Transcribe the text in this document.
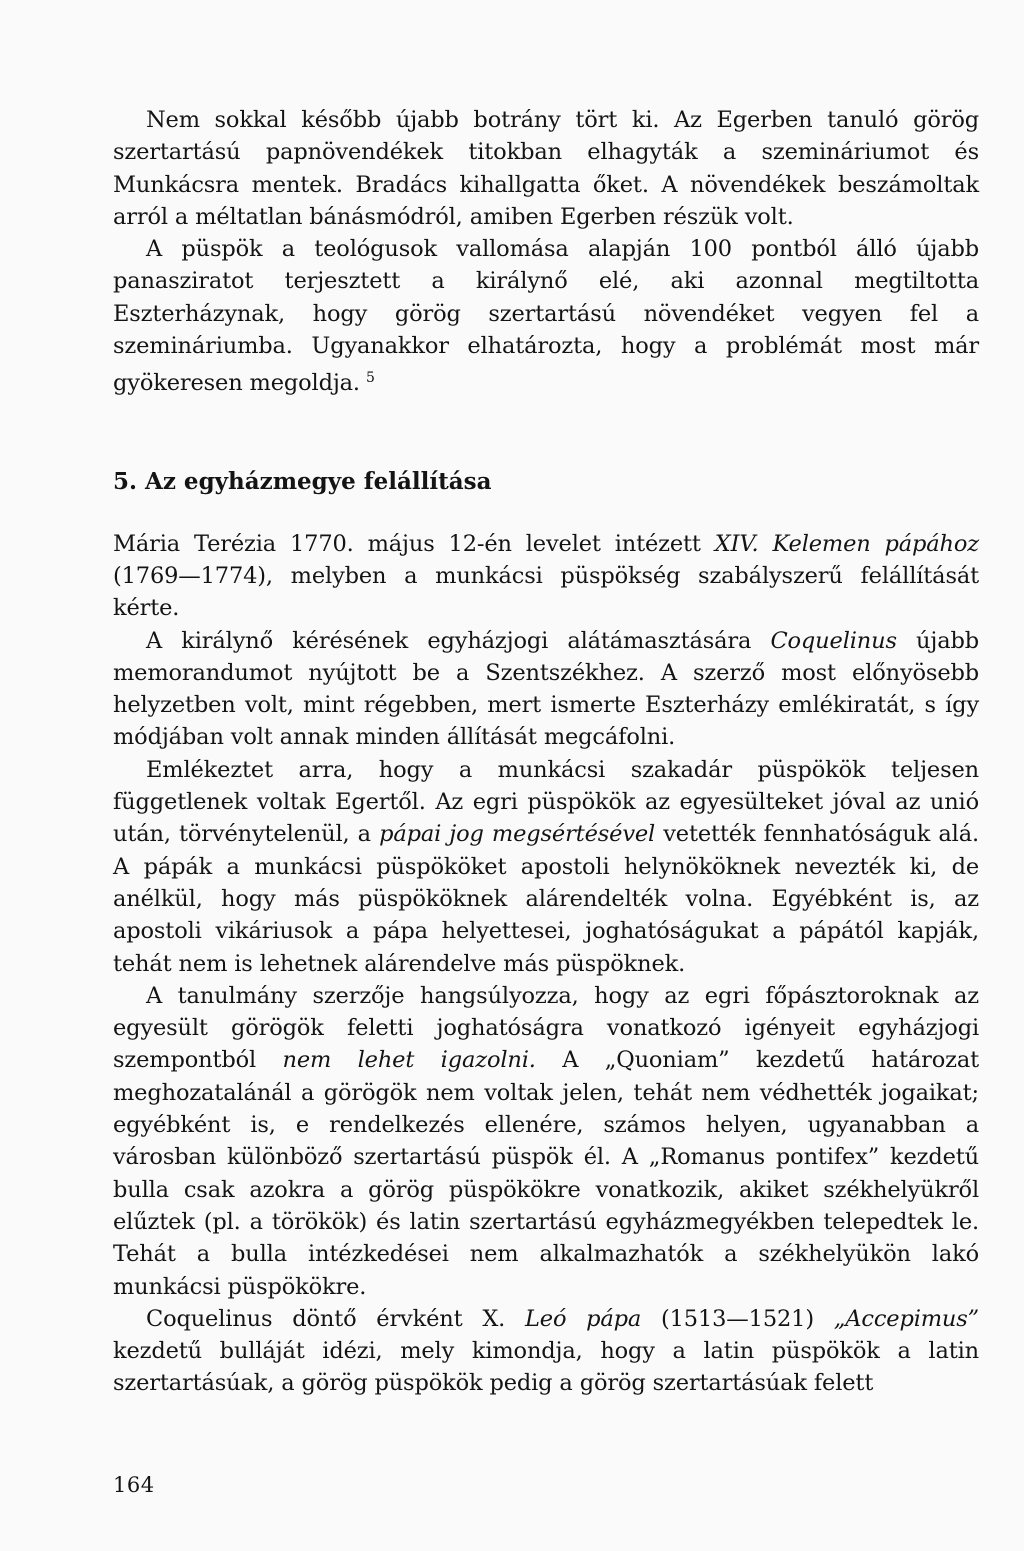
Nem sokkal később újabb botrány tört ki. Az Egerben tanuló görög szertartású papnövendékek titokban elhagyták a szemináriumot és Munkácsra mentek. Bradács kihallgatta őket. A növendékek beszámoltak arról a méltatlan bánásmódról, amiben Egerben részük volt.

A püspök a teológusok vallomása alapján 100 pontból álló újabb panasziratot terjesztett a királynő elé, aki azonnal megtiltotta Eszterházynak, hogy görög szertartású növendéket vegyen fel a szemináriumba. Ugyanakkor elhatározta, hogy a problémát most már gyökeresen megoldja. $^5$

5. Az egyházmegye felállítása

Mária Terézia 1770. május 12-én levelet intézett XIV. Kelemen pápához (1769—1774), melyben a munkácsi püspökség szabályszerű felállítását kérte.

A királynő kérésének egyházjogi alátámasztására Coquelinus újabb memorandumot nyújtott be a Szentszékhez. A szerző most előnyösebb helyzetben volt, mint régebben, mert ismerte Eszterházy emlékiratát, s így módjában volt annak minden állítását megcáfolni.

Emlékeztet arra, hogy a munkácsi szakadár püspökök teljesen függetlenek voltak Egertől. Az egri püspökök az egyesülteket jóval az unió után, törvénytelenül, a pápai jog megsértésével vetették fennhatóságuk alá. A pápák a munkácsi püspököket apostoli helynököknek nevezték ki, de anélkül, hogy más püspököknek alárendelték volna. Egyébként is, az apostoli vikáriusok a pápa helyettesei, joghatóságukat a pápától kapják, tehát nem is lehetnek alárendelve más püspöknek.

A tanulmány szerzője hangsúlyozza, hogy az egri főpásztoroknak az egyesült görögök feletti joghatóságra vonatkozó igényeit egyházjogi szempontból nem lehet igazolni. A „Quoniam” kezdetű határozat meghozatalánál a görögök nem voltak jelen, tehát nem védhették jogaikat; egyébként is, e rendelkezés ellenére, számos helyen, ugyanabban a városban különböző szertartású püspök él. A „Romanus pontifex” kezdetű bulla csak azokra a görög püspökökre vonatkozik, akiket székhelyükről elűztek (pl. a törökök) és latin szertartású egyházmegyékben telepedtek le. Tehát a bulla intézkedései nem alkalmazhatók a székhelyükön lakó munkácsi püspökökre.

Coquelinus döntő érvként X. Leó pápa (1513—1521) „Accepimus” kezdetű bulláját idézi, mely kimondja, hogy a latin püspökök a latin szertartásúak, a görög püspökök pedig a görög szertartásúak felett

164
